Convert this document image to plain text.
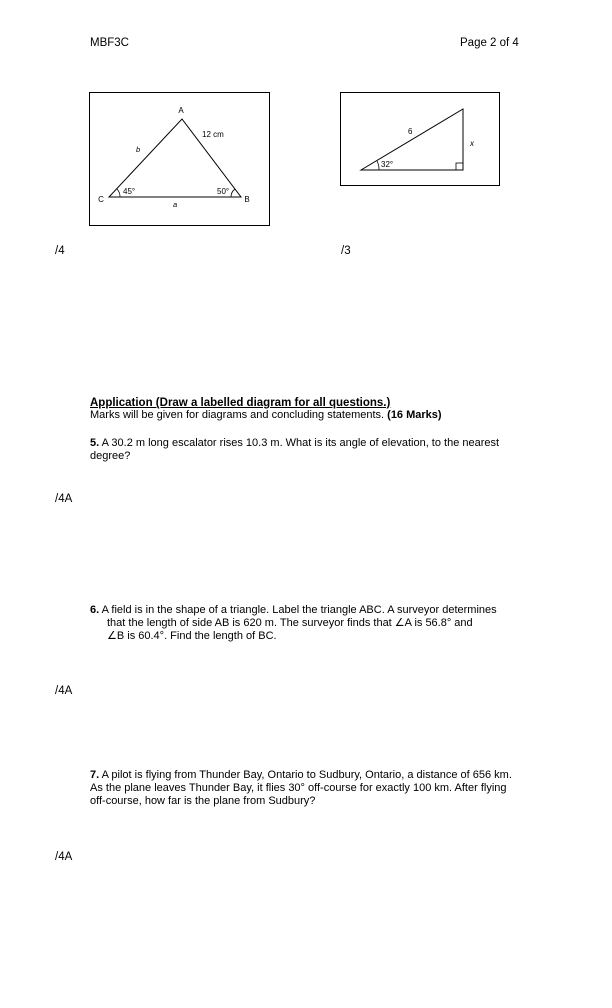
MBF3C	Page 2 of 4
A
C	B
12 cm
b
a
45°	50°
6
x
32°
/4	/3
Application (Draw a labelled diagram for all questions.)
Marks will be given for diagrams and concluding statements. (16 Marks)
5. A 30.2 m long escalator rises 10.3 m. What is its angle of elevation, to the nearest
degree?
/4A
6. A field is in the shape of a triangle. Label the triangle ABC. A surveyor determines
that the length of side AB is 620 m. The surveyor finds that ∠A is 56.8° and
∠B is 60.4°. Find the length of BC.
/4A
7. A pilot is flying from Thunder Bay, Ontario to Sudbury, Ontario, a distance of 656 km.
As the plane leaves Thunder Bay, it flies 30° off-course for exactly 100 km. After flying
off-course, how far is the plane from Sudbury?
/4A
